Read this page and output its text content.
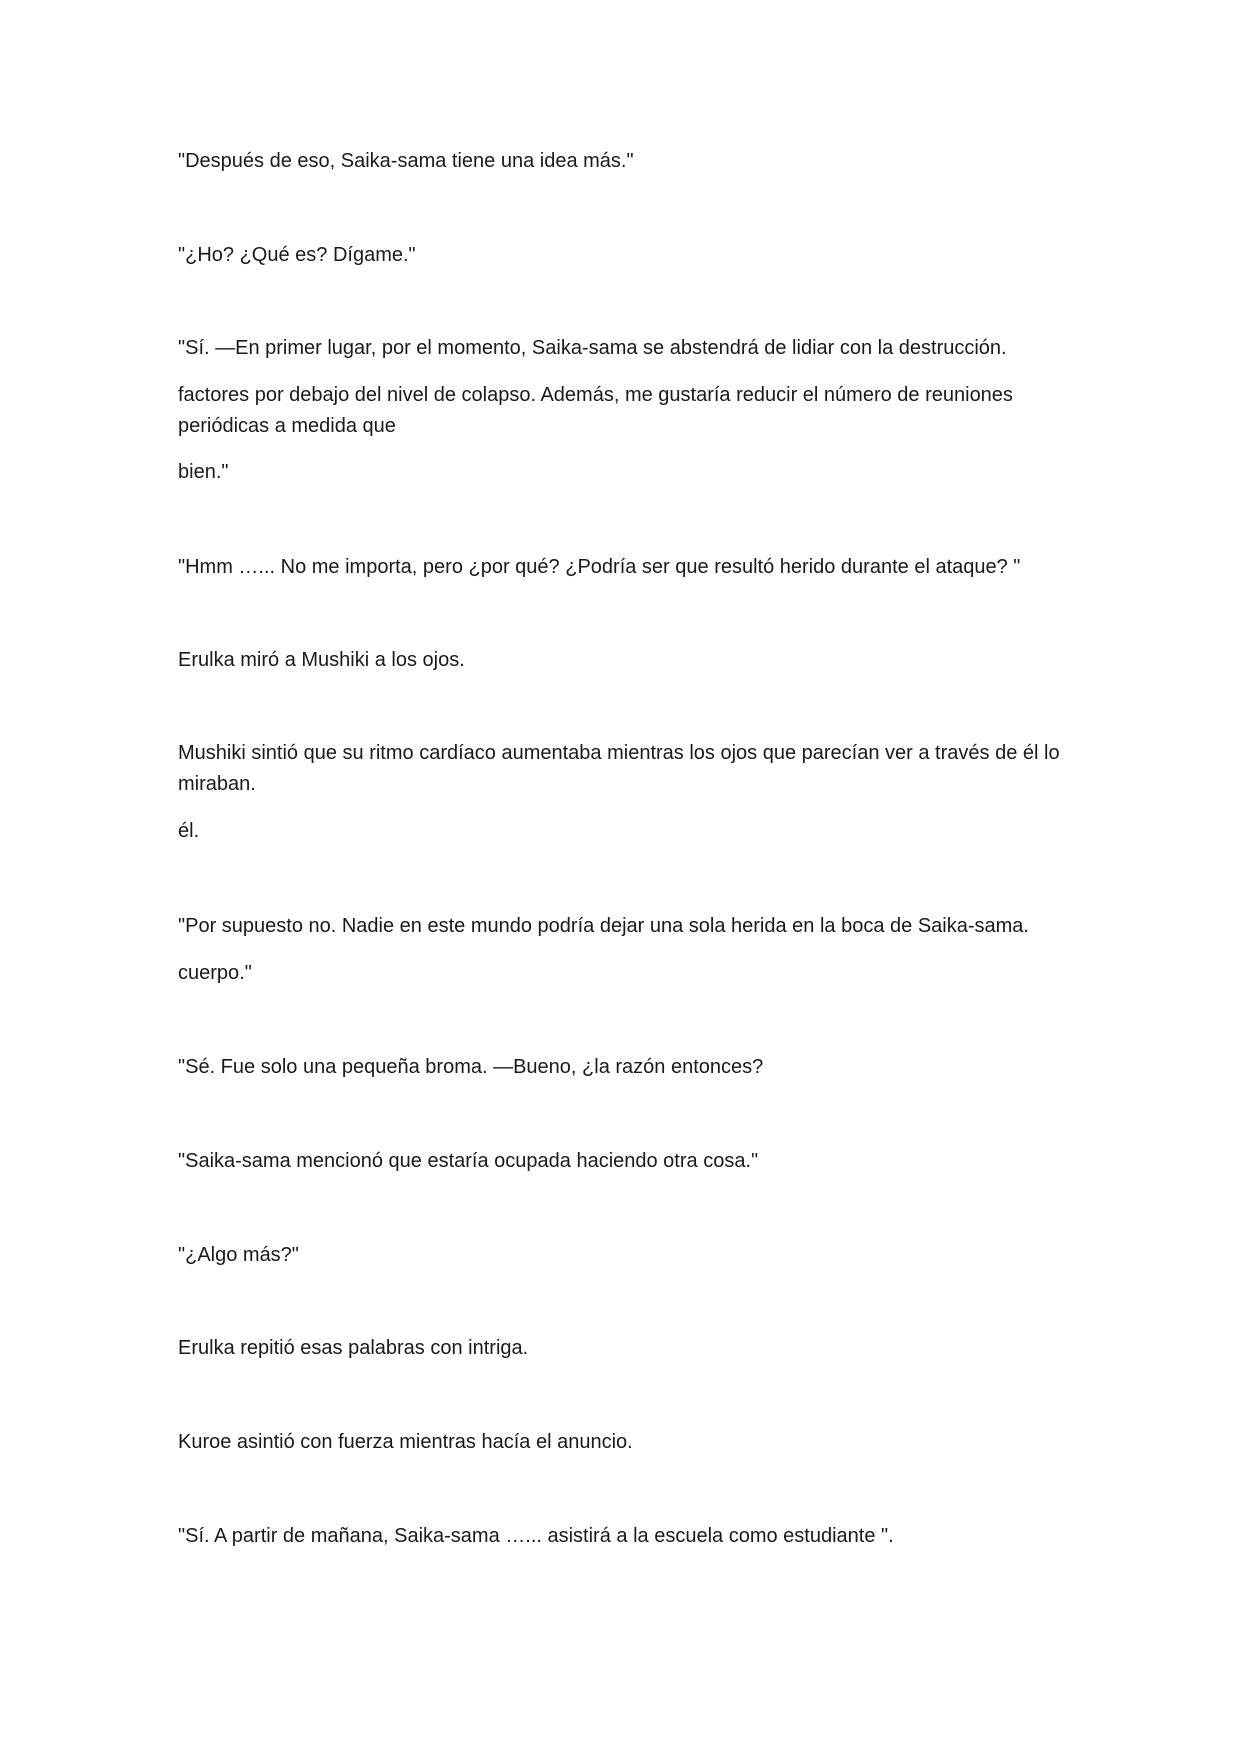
"Después de eso, Saika-sama tiene una idea más."

"¿Ho? ¿Qué es? Dígame."

"Sí. —En primer lugar, por el momento, Saika-sama se abstendrá de lidiar con la destrucción.

factores por debajo del nivel de colapso. Además, me gustaría reducir el número de reuniones periódicas a medida que

bien."

"Hmm …... No me importa, pero ¿por qué? ¿Podría ser que resultó herido durante el ataque? "

Erulka miró a Mushiki a los ojos.

Mushiki sintió que su ritmo cardíaco aumentaba mientras los ojos que parecían ver a través de él lo miraban.

él.

"Por supuesto no. Nadie en este mundo podría dejar una sola herida en la boca de Saika-sama.

cuerpo."

"Sé. Fue solo una pequeña broma. —Bueno, ¿la razón entonces?

"Saika-sama mencionó que estaría ocupada haciendo otra cosa."

"¿Algo más?"

Erulka repitió esas palabras con intriga.

Kuroe asintió con fuerza mientras hacía el anuncio.

"Sí. A partir de mañana, Saika-sama …... asistirá a la escuela como estudiante ".
